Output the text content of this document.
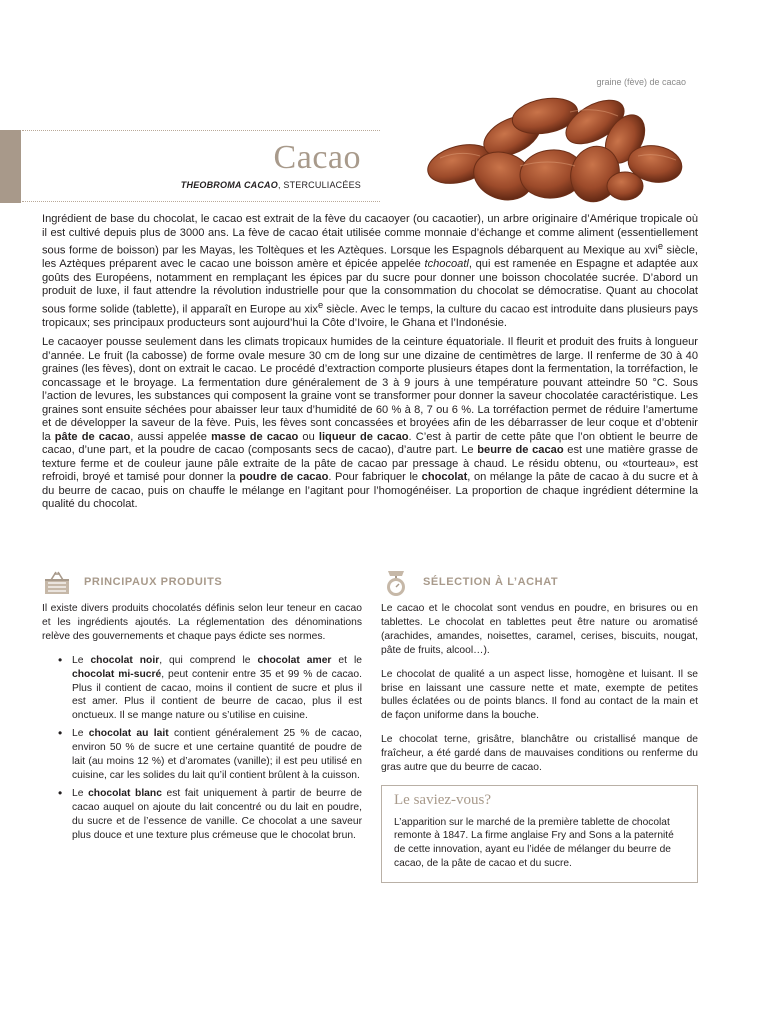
graine (fève) de cacao
Cacao
THEOBROMA CACAO, STERCULIACÉES

Ingrédient de base du chocolat, le cacao est extrait de la fève du cacaoyer (ou cacaotier), un arbre originaire d’Amérique tropicale où il est cultivé depuis plus de 3000 ans. La fève de cacao était utilisée comme monnaie d’échange et comme aliment (essentiellement sous forme de boisson) par les Mayas, les Toltèques et les Aztèques. Lorsque les Espagnols débarquent au Mexique au xvi$^e$ siècle, les Aztèques préparent avec le cacao une boisson amère et épicée appelée tchocoatl, qui est ramenée en Espagne et adaptée aux goûts des Européens, notamment en remplaçant les épices par du sucre pour donner une boisson chocolatée sucrée. D’abord un produit de luxe, il faut attendre la révolution industrielle pour que la consommation du chocolat se démocratise. Quant au chocolat sous forme solide (tablette), il apparaît en Europe au xix$^e$ siècle. Avec le temps, la culture du cacao est introduite dans plusieurs pays tropicaux; ses principaux producteurs sont aujourd’hui la Côte d’Ivoire, le Ghana et l’Indonésie.

Le cacaoyer pousse seulement dans les climats tropicaux humides de la ceinture équatoriale. Il fleurit et produit des fruits à longueur d’année. Le fruit (la cabosse) de forme ovale mesure 30 cm de long sur une dizaine de centimètres de large. Il renferme de 30 à 40 graines (les fèves), dont on extrait le cacao. Le procédé d’extraction comporte plusieurs étapes dont la fermentation, la torréfaction, le concassage et le broyage. La fermentation dure généralement de 3 à 9 jours à une température pouvant atteindre 50 °C. Sous l’action de levures, les substances qui composent la graine vont se transformer pour donner la saveur chocolatée caractéristique. Les graines sont ensuite séchées pour abaisser leur taux d’humidité de 60 % à 8, 7 ou 6 %. La torréfaction permet de réduire l’amertume et de développer la saveur de la fève. Puis, les fèves sont concassées et broyées afin de les débarrasser de leur coque et d’obtenir la pâte de cacao, aussi appelée masse de cacao ou liqueur de cacao. C’est à partir de cette pâte que l’on obtient le beurre de cacao, d’une part, et la poudre de cacao (composants secs de cacao), d’autre part. Le beurre de cacao est une matière grasse de texture ferme et de couleur jaune pâle extraite de la pâte de cacao par pressage à chaud. Le résidu obtenu, ou «tourteau», est refroidi, broyé et tamisé pour donner la poudre de cacao. Pour fabriquer le chocolat, on mélange la pâte de cacao à du sucre et à du beurre de cacao, puis on chauffe le mélange en l’agitant pour l’homogénéiser. La proportion de chaque ingrédient détermine la qualité du chocolat.

PRINCIPAUX PRODUITS

Il existe divers produits chocolatés définis selon leur teneur en cacao et les ingrédients ajoutés. La réglementation des dénominations relève des gouvernements et chaque pays édicte ses normes.

• Le chocolat noir, qui comprend le chocolat amer et le chocolat mi-sucré, peut contenir entre 35 et 99 % de cacao. Plus il contient de cacao, moins il contient de sucre et plus il est amer. Plus il contient de beurre de cacao, plus il est onctueux. Il se mange nature ou s’utilise en cuisine.
• Le chocolat au lait contient généralement 25 % de cacao, environ 50 % de sucre et une certaine quantité de poudre de lait (au moins 12 %) et d’aromates (vanille); il est peu utilisé en cuisine, car les solides du lait qu’il contient brûlent à la cuisson.
• Le chocolat blanc est fait uniquement à partir de beurre de cacao auquel on ajoute du lait concentré ou du lait en poudre, du sucre et de l’essence de vanille. Ce chocolat a une saveur plus douce et une texture plus crémeuse que le chocolat brun.
SÉLECTION À L’ACHAT

Le cacao et le chocolat sont vendus en poudre, en brisures ou en tablettes. Le chocolat en tablettes peut être nature ou aromatisé (arachides, amandes, noisettes, caramel, cerises, biscuits, nougat, pâte de fruits, alcool…).

Le chocolat de qualité a un aspect lisse, homogène et luisant. Il se brise en laissant une cassure nette et mate, exempte de petites bulles éclatées ou de points blancs. Il fond au contact de la main et de façon uniforme dans la bouche.

Le chocolat terne, grisâtre, blanchâtre ou cristallisé manque de fraîcheur, a été gardé dans de mauvaises conditions ou renferme du gras autre que du beurre de cacao.

Le saviez-vous?
L’apparition sur le marché de la première tablette de chocolat remonte à 1847. La firme anglaise Fry and Sons a la paternité de cette innovation, ayant eu l’idée de mélanger du beurre de cacao, de la pâte de cacao et du sucre.
